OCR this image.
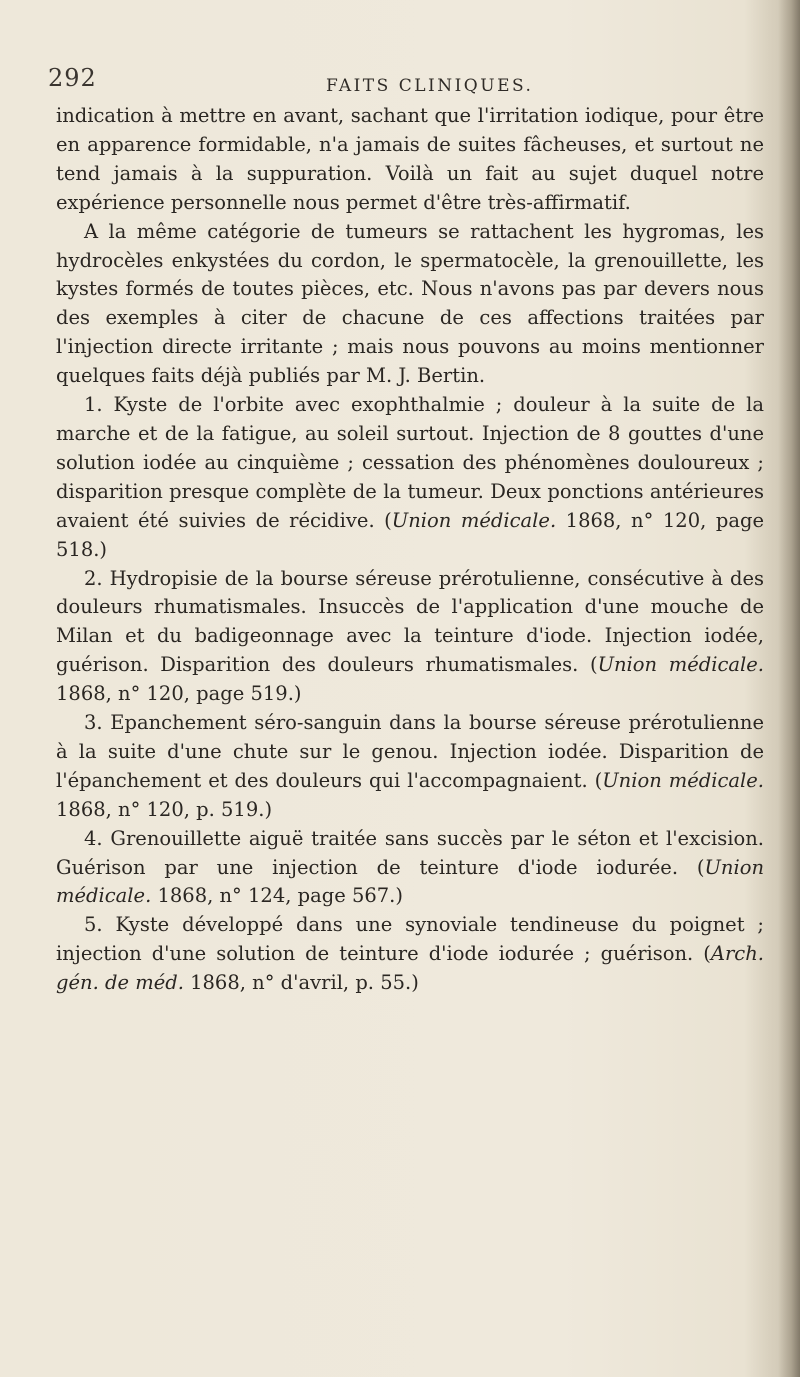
292	FAITS CLINIQUES.

indication à mettre en avant, sachant que l'irritation iodique, pour être en apparence formidable, n'a jamais de suites fâcheuses, et surtout ne tend jamais à la suppuration. Voilà un fait au sujet duquel notre expérience personnelle nous permet d'être très-affirmatif.

A la même catégorie de tumeurs se rattachent les hygromas, les hydrocèles enkystées du cordon, le spermatocèle, la grenouillette, les kystes formés de toutes pièces, etc. Nous n'avons pas par devers nous des exemples à citer de chacune de ces affections traitées par l'injection directe irritante ; mais nous pouvons au moins mentionner quelques faits déjà publiés par M. J. Bertin.

1. Kyste de l'orbite avec exophthalmie ; douleur à la suite de la marche et de la fatigue, au soleil surtout. Injection de 8 gouttes d'une solution iodée au cinquième ; cessation des phénomènes douloureux ; disparition presque complète de la tumeur. Deux ponctions antérieures avaient été suivies de récidive. (Union médicale. 1868, n° 120, page 518.)

2. Hydropisie de la bourse séreuse prérotulienne, consécutive à des douleurs rhumatismales. Insuccès de l'application d'une mouche de Milan et du badigeonnage avec la teinture d'iode. Injection iodée, guérison. Disparition des douleurs rhumatismales. (Union médicale. 1868, n° 120, page 519.)

3. Epanchement séro-sanguin dans la bourse séreuse prérotulienne à la suite d'une chute sur le genou. Injection iodée. Disparition de l'épanchement et des douleurs qui l'accompagnaient. (Union médicale. 1868, n° 120, p. 519.)

4. Grenouillette aiguë traitée sans succès par le séton et l'excision. Guérison par une injection de teinture d'iode iodurée. (Union médicale. 1868, n° 124, page 567.)

5. Kyste développé dans une synoviale tendineuse du poignet ; injection d'une solution de teinture d'iode iodurée ; guérison. (Arch. gén. de méd. 1868, n° d'avril, p. 55.)
